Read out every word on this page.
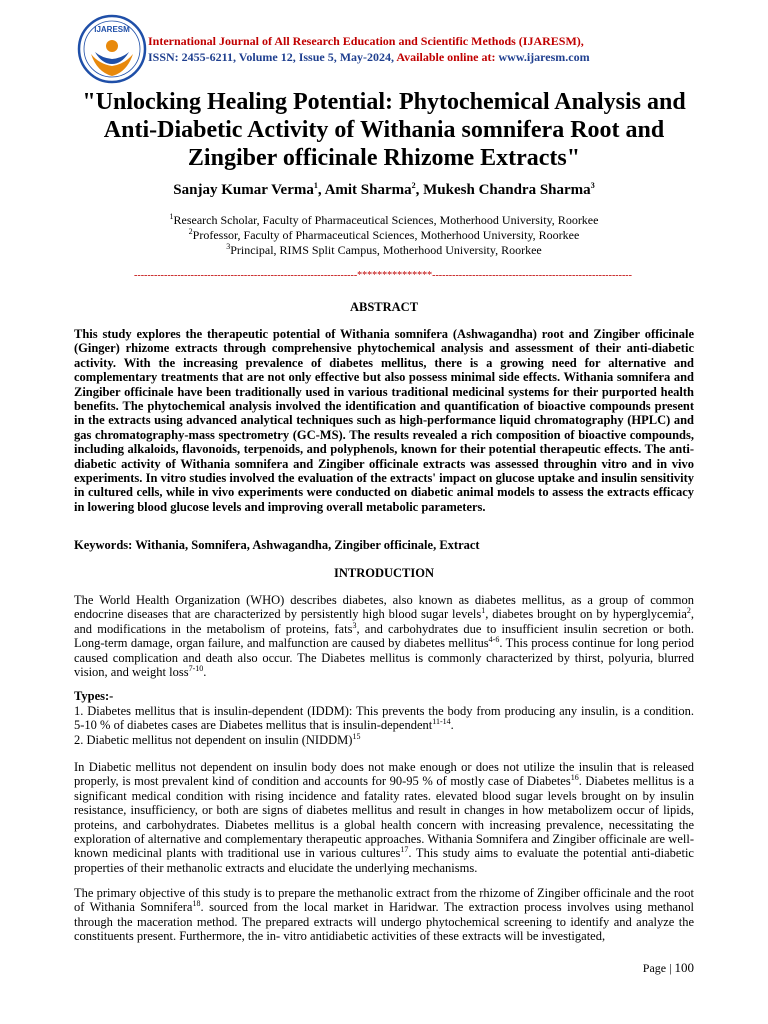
IJARESM
International Journal of All Research Education and Scientific Methods (IJARESM),
ISSN: 2455-6211, Volume 12, Issue 5, May-2024, Available online at: www.ijaresm.com
"Unlocking Healing Potential: Phytochemical Analysis and Anti-Diabetic Activity of Withania somnifera Root and Zingiber officinale Rhizome Extracts"
Sanjay Kumar Verma$^1$, Amit Sharma$^2$, Mukesh Chandra Sharma$^3$
$^1$Research Scholar, Faculty of Pharmaceutical Sciences, Motherhood University, Roorkee
$^2$Professor, Faculty of Pharmaceutical Sciences, Motherhood University, Roorkee
$^3$Principal, RIMS Split Campus, Motherhood University, Roorkee
-------------------------------------------------------------------***************------------------------------------------------------------
ABSTRACT
This study explores the therapeutic potential of Withania somnifera (Ashwagandha) root and Zingiber officinale (Ginger) rhizome extracts through comprehensive phytochemical analysis and assessment of their anti-diabetic activity. With the increasing prevalence of diabetes mellitus, there is a growing need for alternative and complementary treatments that are not only effective but also possess minimal side effects. Withania somnifera and Zingiber officinale have been traditionally used in various traditional medicinal systems for their purported health benefits. The phytochemical analysis involved the identification and quantification of bioactive compounds present in the extracts using advanced analytical techniques such as high-performance liquid chromatography (HPLC) and gas chromatography-mass spectrometry (GC-MS). The results revealed a rich composition of bioactive compounds, including alkaloids, flavonoids, terpenoids, and polyphenols, known for their potential therapeutic effects. The anti-diabetic activity of Withania somnifera and Zingiber officinale extracts was assessed throughin vitro and in vivo experiments. In vitro studies involved the evaluation of the extracts' impact on glucose uptake and insulin sensitivity in cultured cells, while in vivo experiments were conducted on diabetic animal models to assess the extracts efficacy in lowering blood glucose levels and improving overall metabolic parameters.
Keywords: Withania, Somnifera, Ashwagandha, Zingiber officinale, Extract
INTRODUCTION
The World Health Organization (WHO) describes diabetes, also known as diabetes mellitus, as a group of common endocrine diseases that are characterized by persistently high blood sugar levels$^1$, diabetes brought on by hyperglycemia$^2$, and modifications in the metabolism of proteins, fats$^3$, and carbohydrates due to insufficient insulin secretion or both. Long-term damage, organ failure, and malfunction are caused by diabetes mellitus$^{4-6}$. This process continue for long period caused complication and death also occur. The Diabetes mellitus is commonly characterized by thirst, polyuria, blurred vision, and weight loss$^{7-10}$.
Types:-
1. Diabetes mellitus that is insulin-dependent (IDDM): This prevents the body from producing any insulin, is a condition. 5-10 % of diabetes cases are Diabetes mellitus that is insulin-dependent$^{11-14}$.
2. Diabetic mellitus not dependent on insulin (NIDDM)$^{15}$
In Diabetic mellitus not dependent on insulin body does not make enough or does not utilize the insulin that is released properly, is most prevalent kind of condition and accounts for 90-95 % of mostly case of Diabetes$^{16}$. Diabetes mellitus is a significant medical condition with rising incidence and fatality rates. elevated blood sugar levels brought on by insulin resistance, insufficiency, or both are signs of diabetes mellitus and result in changes in how metabolizem occur of lipids, proteins, and carbohydrates. Diabetes mellitus is a global health concern with increasing prevalence, necessitating the exploration of alternative and complementary therapeutic approaches. Withania Somnifera and Zingiber officinale are well-known medicinal plants with traditional use in various cultures$^{17}$. This study aims to evaluate the potential anti-diabetic properties of their methanolic extracts and elucidate the underlying mechanisms.
The primary objective of this study is to prepare the methanolic extract from the rhizome of Zingiber officinale and the root of Withania Somnifera$^{18}$. sourced from the local market in Haridwar. The extraction process involves using methanol through the maceration method. The prepared extracts will undergo phytochemical screening to identify and analyze the constituents present. Furthermore, the in- vitro antidiabetic activities of these extracts will be investigated,
Page | 100
